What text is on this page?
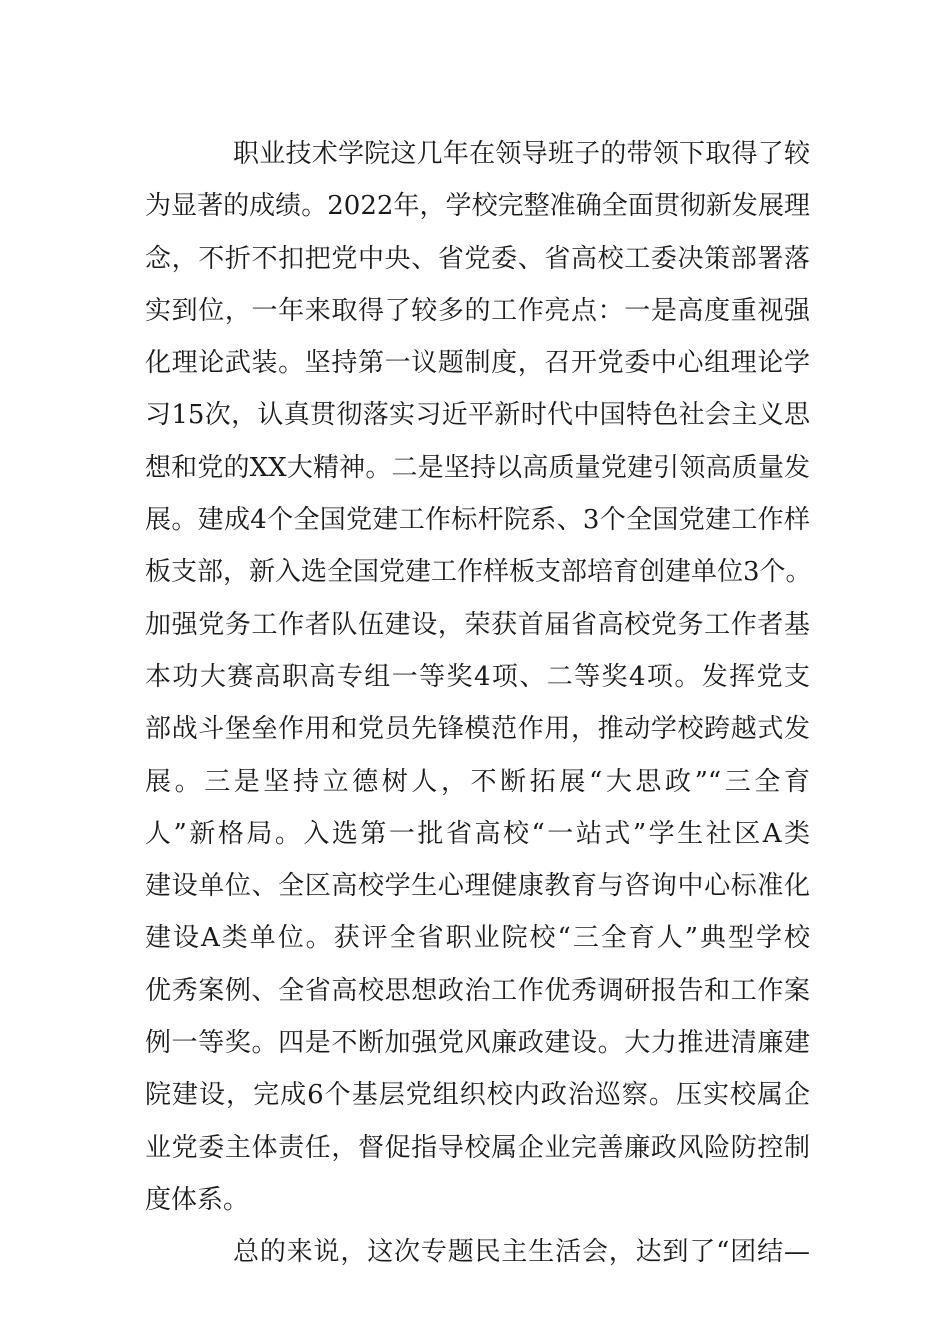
职业技术学院这几年在领导班子的带领下取得了较
为显著的成绩。2022年，学校完整准确全面贯彻新发展理
念，不折不扣把党中央、省党委、省高校工委决策部署落
实到位，一年来取得了较多的工作亮点：一是高度重视强
化理论武装。坚持第一议题制度，召开党委中心组理论学
习15次，认真贯彻落实习近平新时代中国特色社会主义思
想和党的XX大精神。二是坚持以高质量党建引领高质量发
展。建成4个全国党建工作标杆院系、3个全国党建工作样
板支部，新入选全国党建工作样板支部培育创建单位3个。
加强党务工作者队伍建设，荣获首届省高校党务工作者基
本功大赛高职高专组一等奖4项、二等奖4项。发挥党支
部战斗堡垒作用和党员先锋模范作用，推动学校跨越式发
展。三是坚持立德树人，不断拓展“大思政”“三全育
人”新格局。入选第一批省高校“一站式”学生社区A类
建设单位、全区高校学生心理健康教育与咨询中心标准化
建设A类单位。获评全省职业院校“三全育人”典型学校
优秀案例、全省高校思想政治工作优秀调研报告和工作案
例一等奖。四是不断加强党风廉政建设。大力推进清廉建
院建设，完成6个基层党组织校内政治巡察。压实校属企
业党委主体责任，督促指导校属企业完善廉政风险防控制
度体系。
总的来说，这次专题民主生活会，达到了“团结—
